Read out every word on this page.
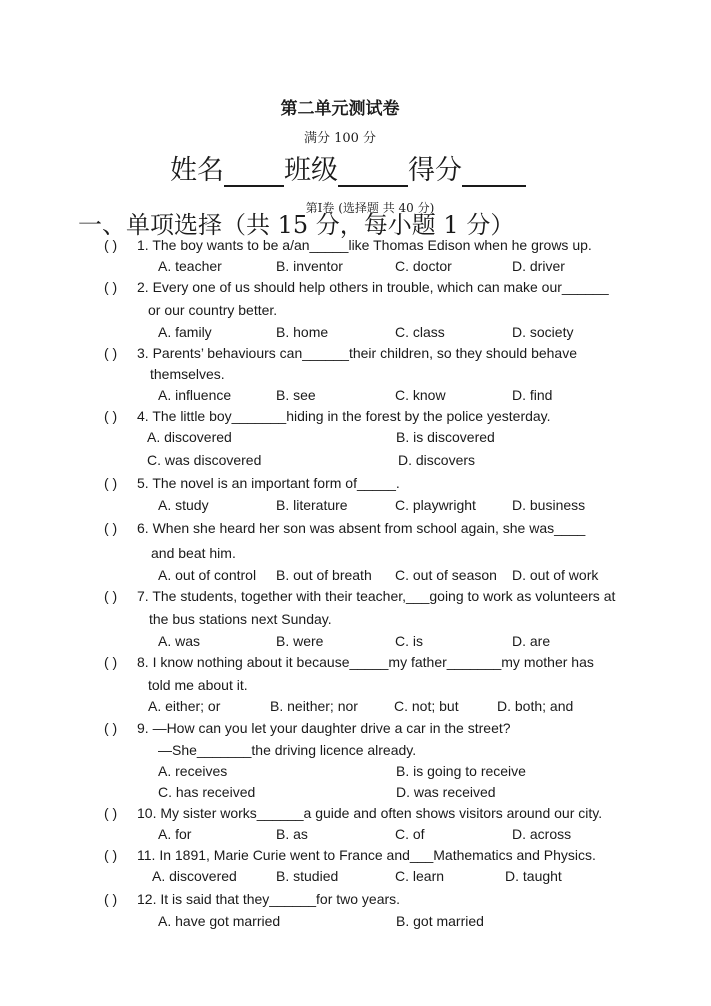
第二单元测试卷
满分 100 分
姓名 班级	得分
第Ⅰ卷 (选择题 共 40 分)
一、单项选择（共 15 分，每小题 1 分）
( ) 1. The boy wants to be a/an_____like Thomas Edison when he grows up.
A. teacher	B. inventor	C. doctor	D. driver
( ) 2. Every one of us should help others in trouble, which can make our______
or our country better.
A. family	B. home	C. class	D. society
( ) 3. Parents’ behaviours can______their children, so they should behave
themselves.
A. influence	B. see	C. know	D. find
( ) 4. The little boy_______hiding in the forest by the police yesterday.
A. discovered	B. is discovered
C. was discovered	D. discovers
( ) 5. The novel is an important form of_____.
A. study	B. literature	C. playwright	D. business
( ) 6. When she heard her son was absent from school again, she was____
and beat him.
A. out of control B. out of breath C. out of season D. out of work
( ) 7. The students, together with their teacher,___going to work as volunteers at
the bus stations next Sunday.
A. was	B. were	C. is	D. are
( ) 8. I know nothing about it because_____my father_______my mother has
told me about it.
A. either; or	B. neither; nor	C. not; but	D. both; and
( ) 9. —How can you let your daughter drive a car in the street?
—She_______the driving licence already.
A. receives	B. is going to receive
C. has received	D. was received
( ) 10. My sister works______a guide and often shows visitors around our city.
A. for	B. as	C. of	D. across
( ) 11. In 1891, Marie Curie went to France and___Mathematics and Physics.
A. discovered	B. studied	C. learn	D. taught
( ) 12. It is said that they______for two years.
A. have got married	B. got married
